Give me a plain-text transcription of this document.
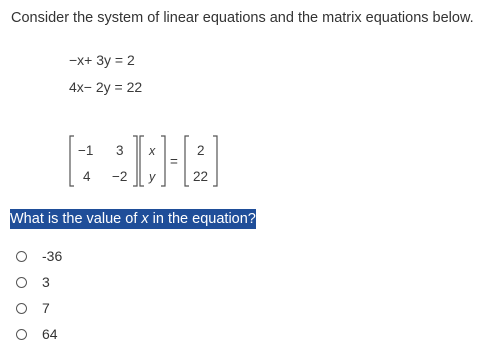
Consider the system of linear equations and the matrix equations below.
−x+ 3y = 2
4x− 2y = 22
−1 3
4 −2
x
y
=
2
22
What is the value of x in the equation?
-36
3
7
64
